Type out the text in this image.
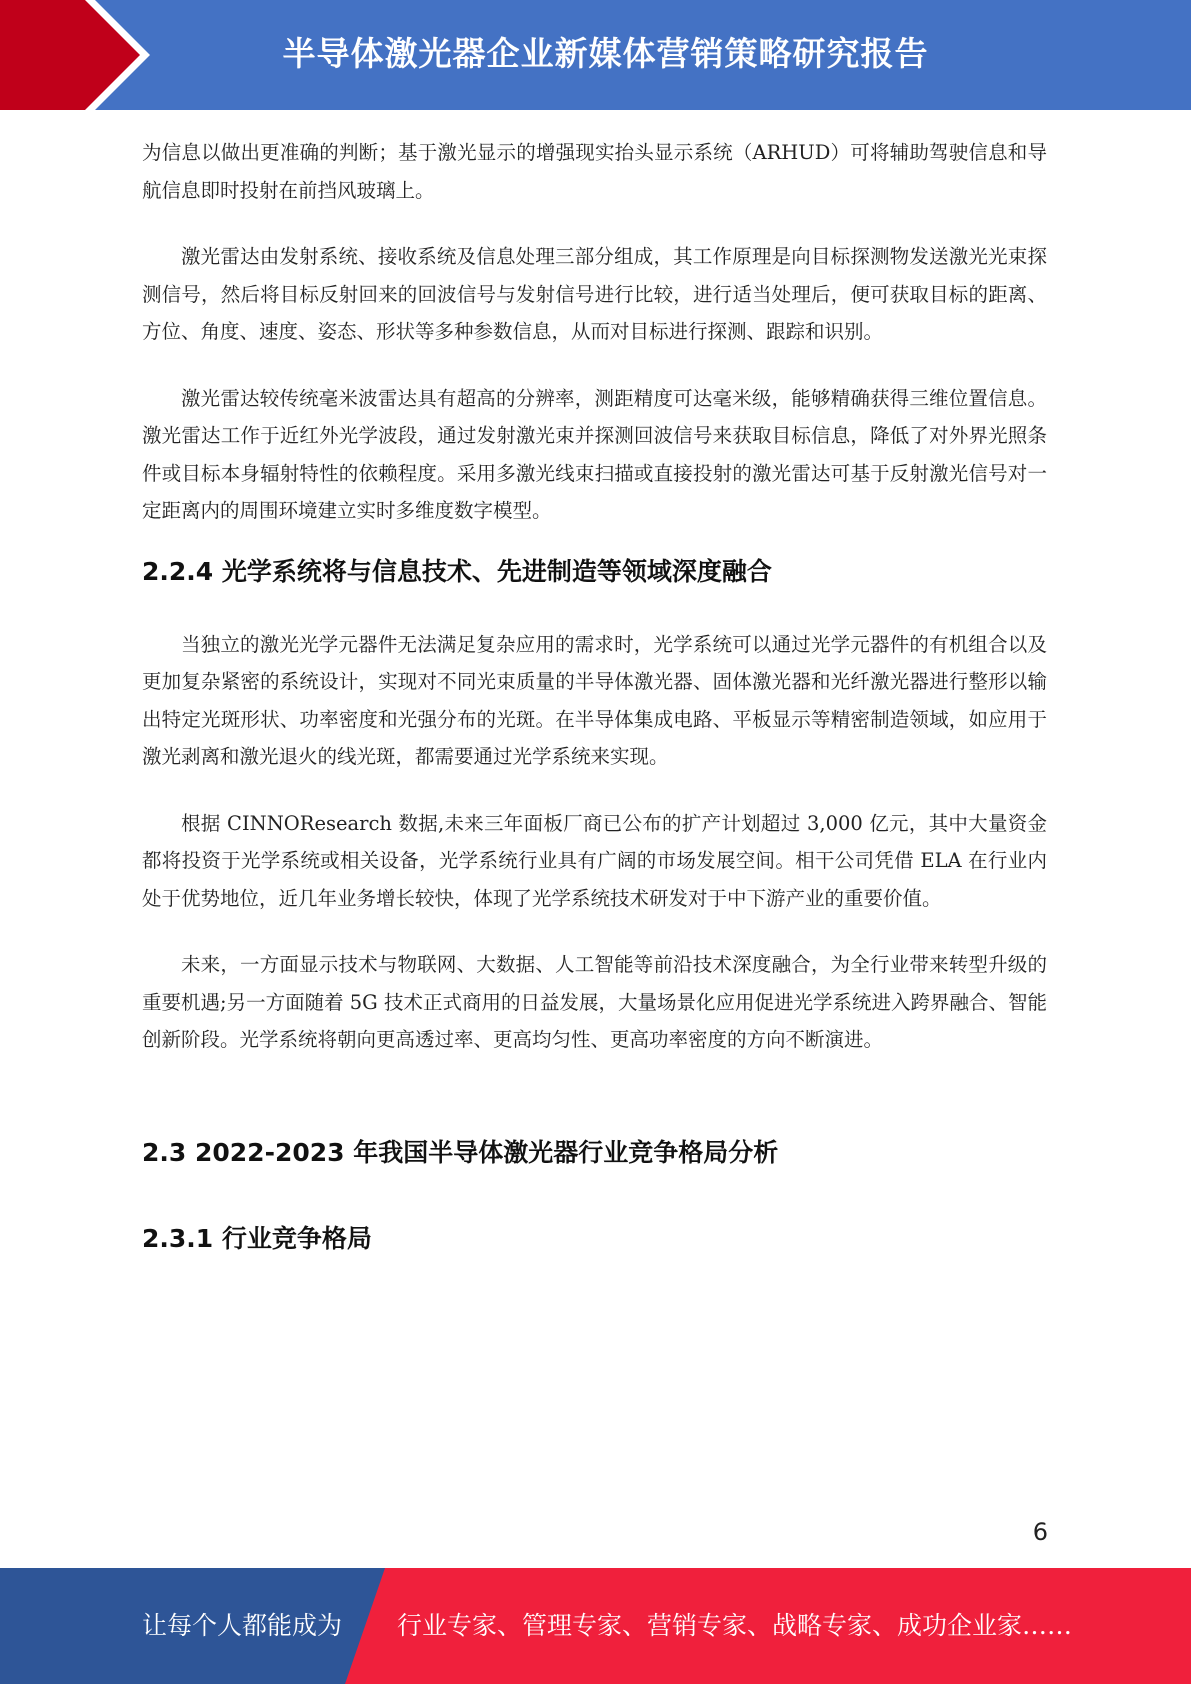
半导体激光器企业新媒体营销策略研究报告

为信息以做出更准确的判断；基于激光显示的增强现实抬头显示系统（ARHUD）可将辅助驾驶信息和导航信息即时投射在前挡风玻璃上。

激光雷达由发射系统、接收系统及信息处理三部分组成，其工作原理是向目标探测物发送激光光束探测信号，然后将目标反射回来的回波信号与发射信号进行比较，进行适当处理后，便可获取目标的距离、方位、角度、速度、姿态、形状等多种参数信息，从而对目标进行探测、跟踪和识别。

激光雷达较传统毫米波雷达具有超高的分辨率，测距精度可达毫米级，能够精确获得三维位置信息。激光雷达工作于近红外光学波段，通过发射激光束并探测回波信号来获取目标信息，降低了对外界光照条件或目标本身辐射特性的依赖程度。采用多激光线束扫描或直接投射的激光雷达可基于反射激光信号对一定距离内的周围环境建立实时多维度数字模型。

2.2.4 光学系统将与信息技术、先进制造等领域深度融合

当独立的激光光学元器件无法满足复杂应用的需求时，光学系统可以通过光学元器件的有机组合以及更加复杂紧密的系统设计，实现对不同光束质量的半导体激光器、固体激光器和光纤激光器进行整形以输出特定光斑形状、功率密度和光强分布的光斑。在半导体集成电路、平板显示等精密制造领域，如应用于激光剥离和激光退火的线光斑，都需要通过光学系统来实现。

根据 CINNOResearch 数据,未来三年面板厂商已公布的扩产计划超过 3,000 亿元，其中大量资金都将投资于光学系统或相关设备，光学系统行业具有广阔的市场发展空间。相干公司凭借 ELA 在行业内处于优势地位，近几年业务增长较快，体现了光学系统技术研发对于中下游产业的重要价值。

未来，一方面显示技术与物联网、大数据、人工智能等前沿技术深度融合，为全行业带来转型升级的重要机遇;另一方面随着 5G 技术正式商用的日益发展，大量场景化应用促进光学系统进入跨界融合、智能创新阶段。光学系统将朝向更高透过率、更高均匀性、更高功率密度的方向不断演进。

2.3 2022-2023 年我国半导体激光器行业竞争格局分析
2.3.1 行业竞争格局
6
让每个人都能成为 行业专家、管理专家、营销专家、战略专家、成功企业家……
